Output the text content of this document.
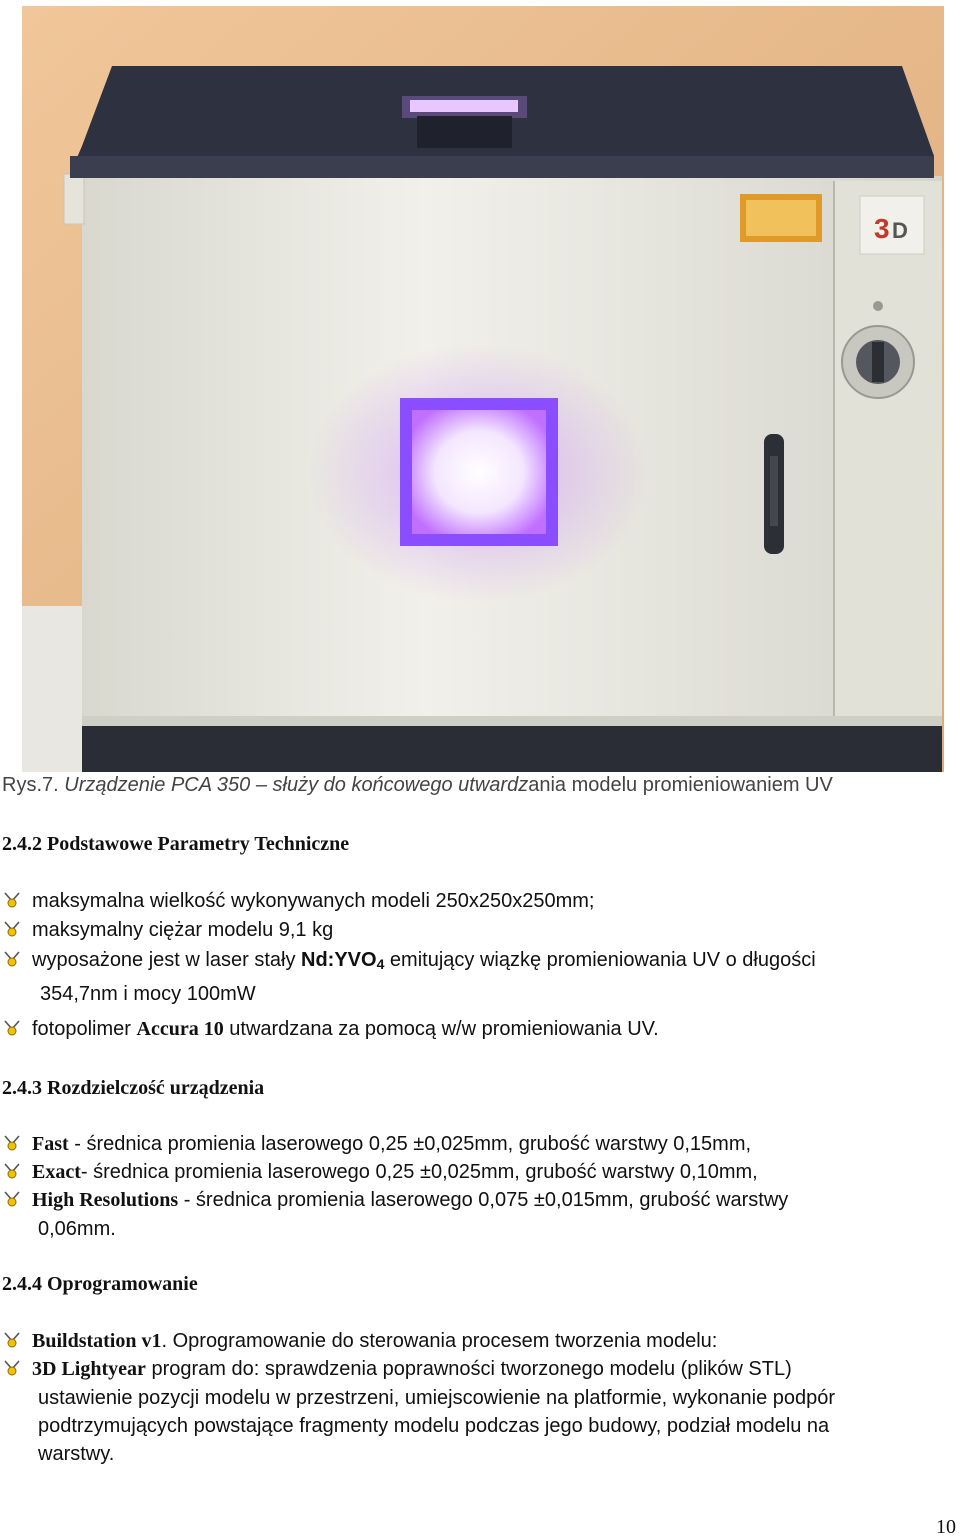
3 D
Rys.7. Urządzenie PCA 350 – służy do końcowego utwardzania modelu promieniowaniem UV
2.4.2 Podstawowe Parametry Techniczne
maksymalna wielkość wykonywanych modeli 250x250x250mm;
maksymalny ciężar modelu 9,1 kg
wyposażone jest w laser stały Nd:YVO4 emitujący wiązkę promieniowania UV o długości
354,7nm i mocy 100mW
fotopolimer Accura 10 utwardzana za pomocą w/w promieniowania UV.
2.4.3 Rozdzielczość urządzenia
Fast - średnica promienia laserowego 0,25 ±0,025mm, grubość warstwy 0,15mm,
Exact- średnica promienia laserowego 0,25 ±0,025mm, grubość warstwy 0,10mm,
High Resolutions - średnica promienia laserowego 0,075 ±0,015mm, grubość warstwy
0,06mm.
2.4.4 Oprogramowanie
Buildstation v1. Oprogramowanie do sterowania procesem tworzenia modelu:
3D Lightyear program do: sprawdzenia poprawności tworzonego modelu (plików STL)
ustawienie pozycji modelu w przestrzeni, umiejscowienie na platformie, wykonanie podpór
podtrzymujących powstające fragmenty modelu podczas jego budowy, podział modelu na
warstwy.
10
